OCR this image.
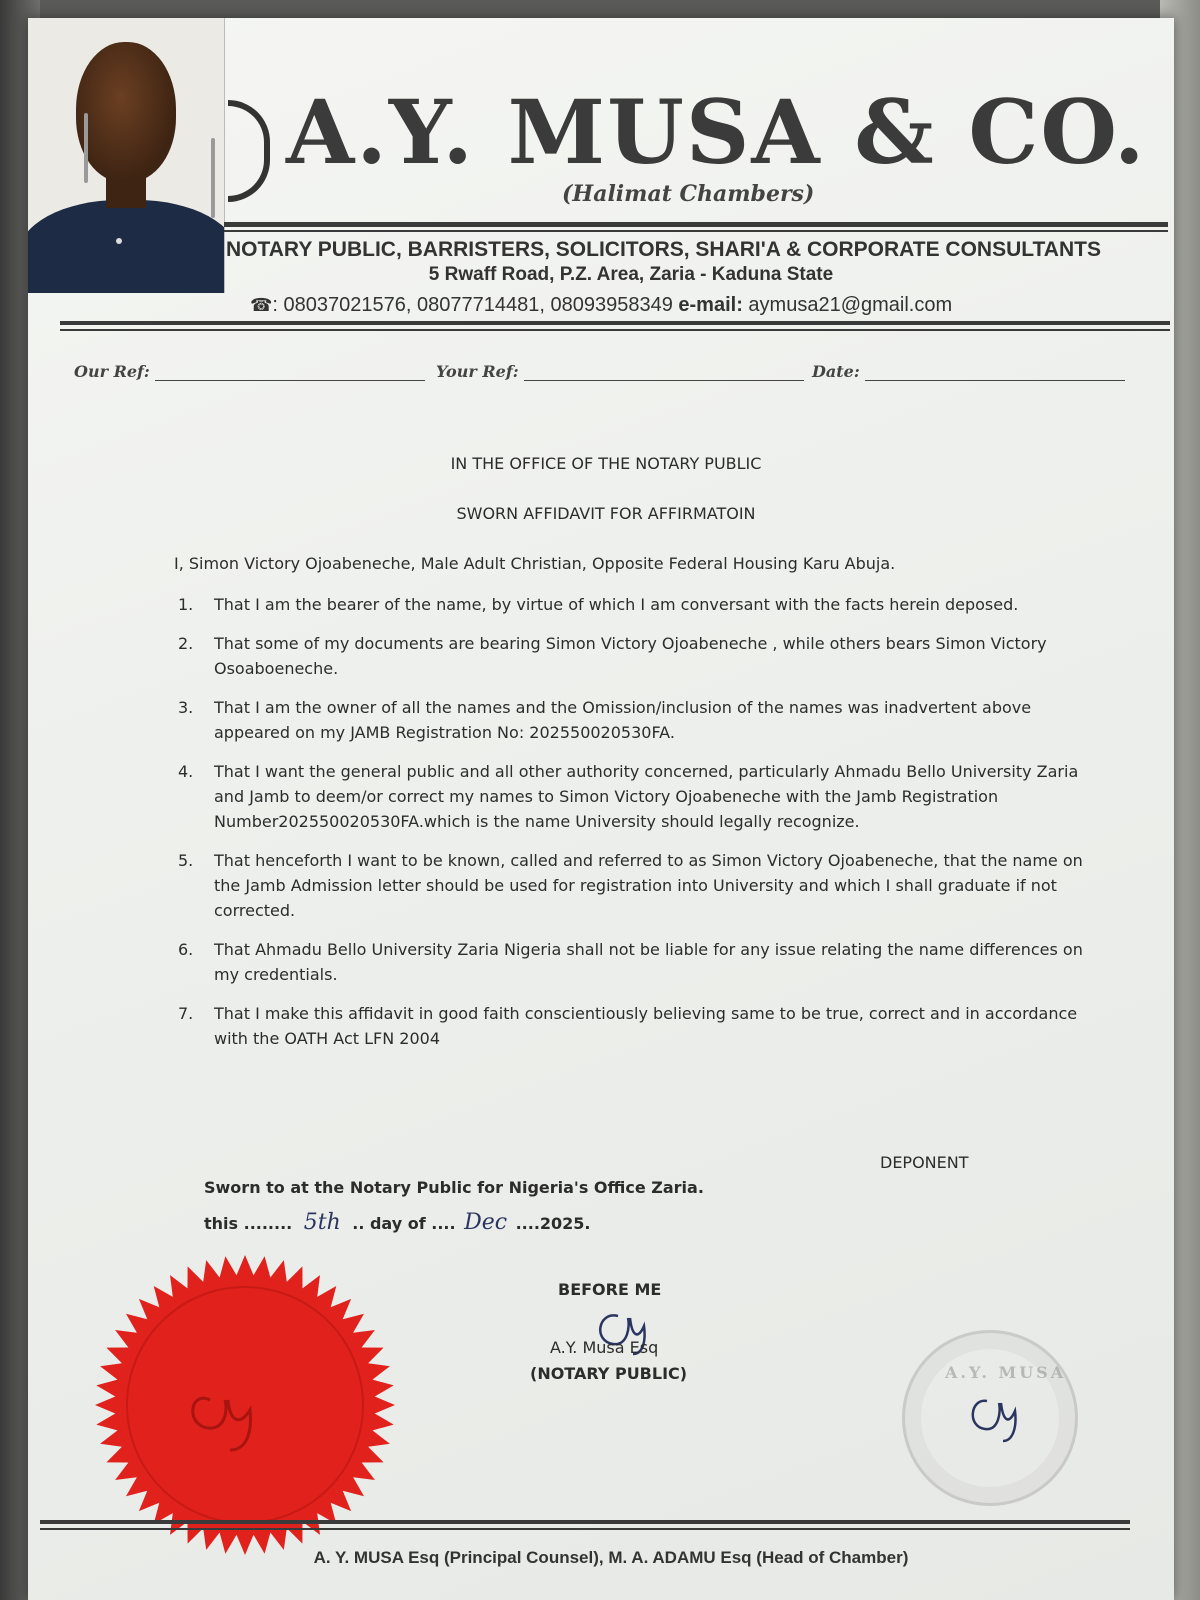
A.Y. MUSA & CO.
(Halimat Chambers)
NOTARY PUBLIC, BARRISTERS, SOLICITORS, SHARI'A & CORPORATE CONSULTANTS
5 Rwaff Road, P.Z. Area, Zaria - Kaduna State
☎: 08037021576, 08077714481, 08093958349 e-mail: aymusa21@gmail.com
Our Ref:	Your Ref:	Date:
IN THE OFFICE OF THE NOTARY PUBLIC
SWORN AFFIDAVIT FOR AFFIRMATOIN
I, Simon Victory Ojoabeneche, Male Adult Christian, Opposite Federal Housing Karu Abuja.
1. That I am the bearer of the name, by virtue of which I am conversant with the facts herein deposed.
2. That some of my documents are bearing Simon Victory Ojoabeneche , while others bears Simon Victory Osoaboeneche.
3. That I am the owner of all the names and the Omission/inclusion of the names was inadvertent above appeared on my JAMB Registration No: 202550020530FA.
4. That I want the general public and all other authority concerned, particularly Ahmadu Bello University Zaria and Jamb to deem/or correct my names to Simon Victory Ojoabeneche with the Jamb Registration Number202550020530FA.which is the name University should legally recognize.
5. That henceforth I want to be known, called and referred to as Simon Victory Ojoabeneche, that the name on the Jamb Admission letter should be used for registration into University and which I shall graduate if not corrected.
6. That Ahmadu Bello University Zaria Nigeria shall not be liable for any issue relating the name differences on my credentials.
7. That I make this affidavit in good faith conscientiously believing same to be true, correct and in accordance with the OATH Act LFN 2004
DEPONENT
Sworn to at the Notary Public for Nigeria's Office Zaria.
this ........ 5th .. day of .... Dec ....2025.
BEFORE ME
A.Y. Musa Esq
(NOTARY PUBLIC)	A.Y. MUSA
A. Y. MUSA Esq (Principal Counsel), M. A. ADAMU Esq (Head of Chamber)
